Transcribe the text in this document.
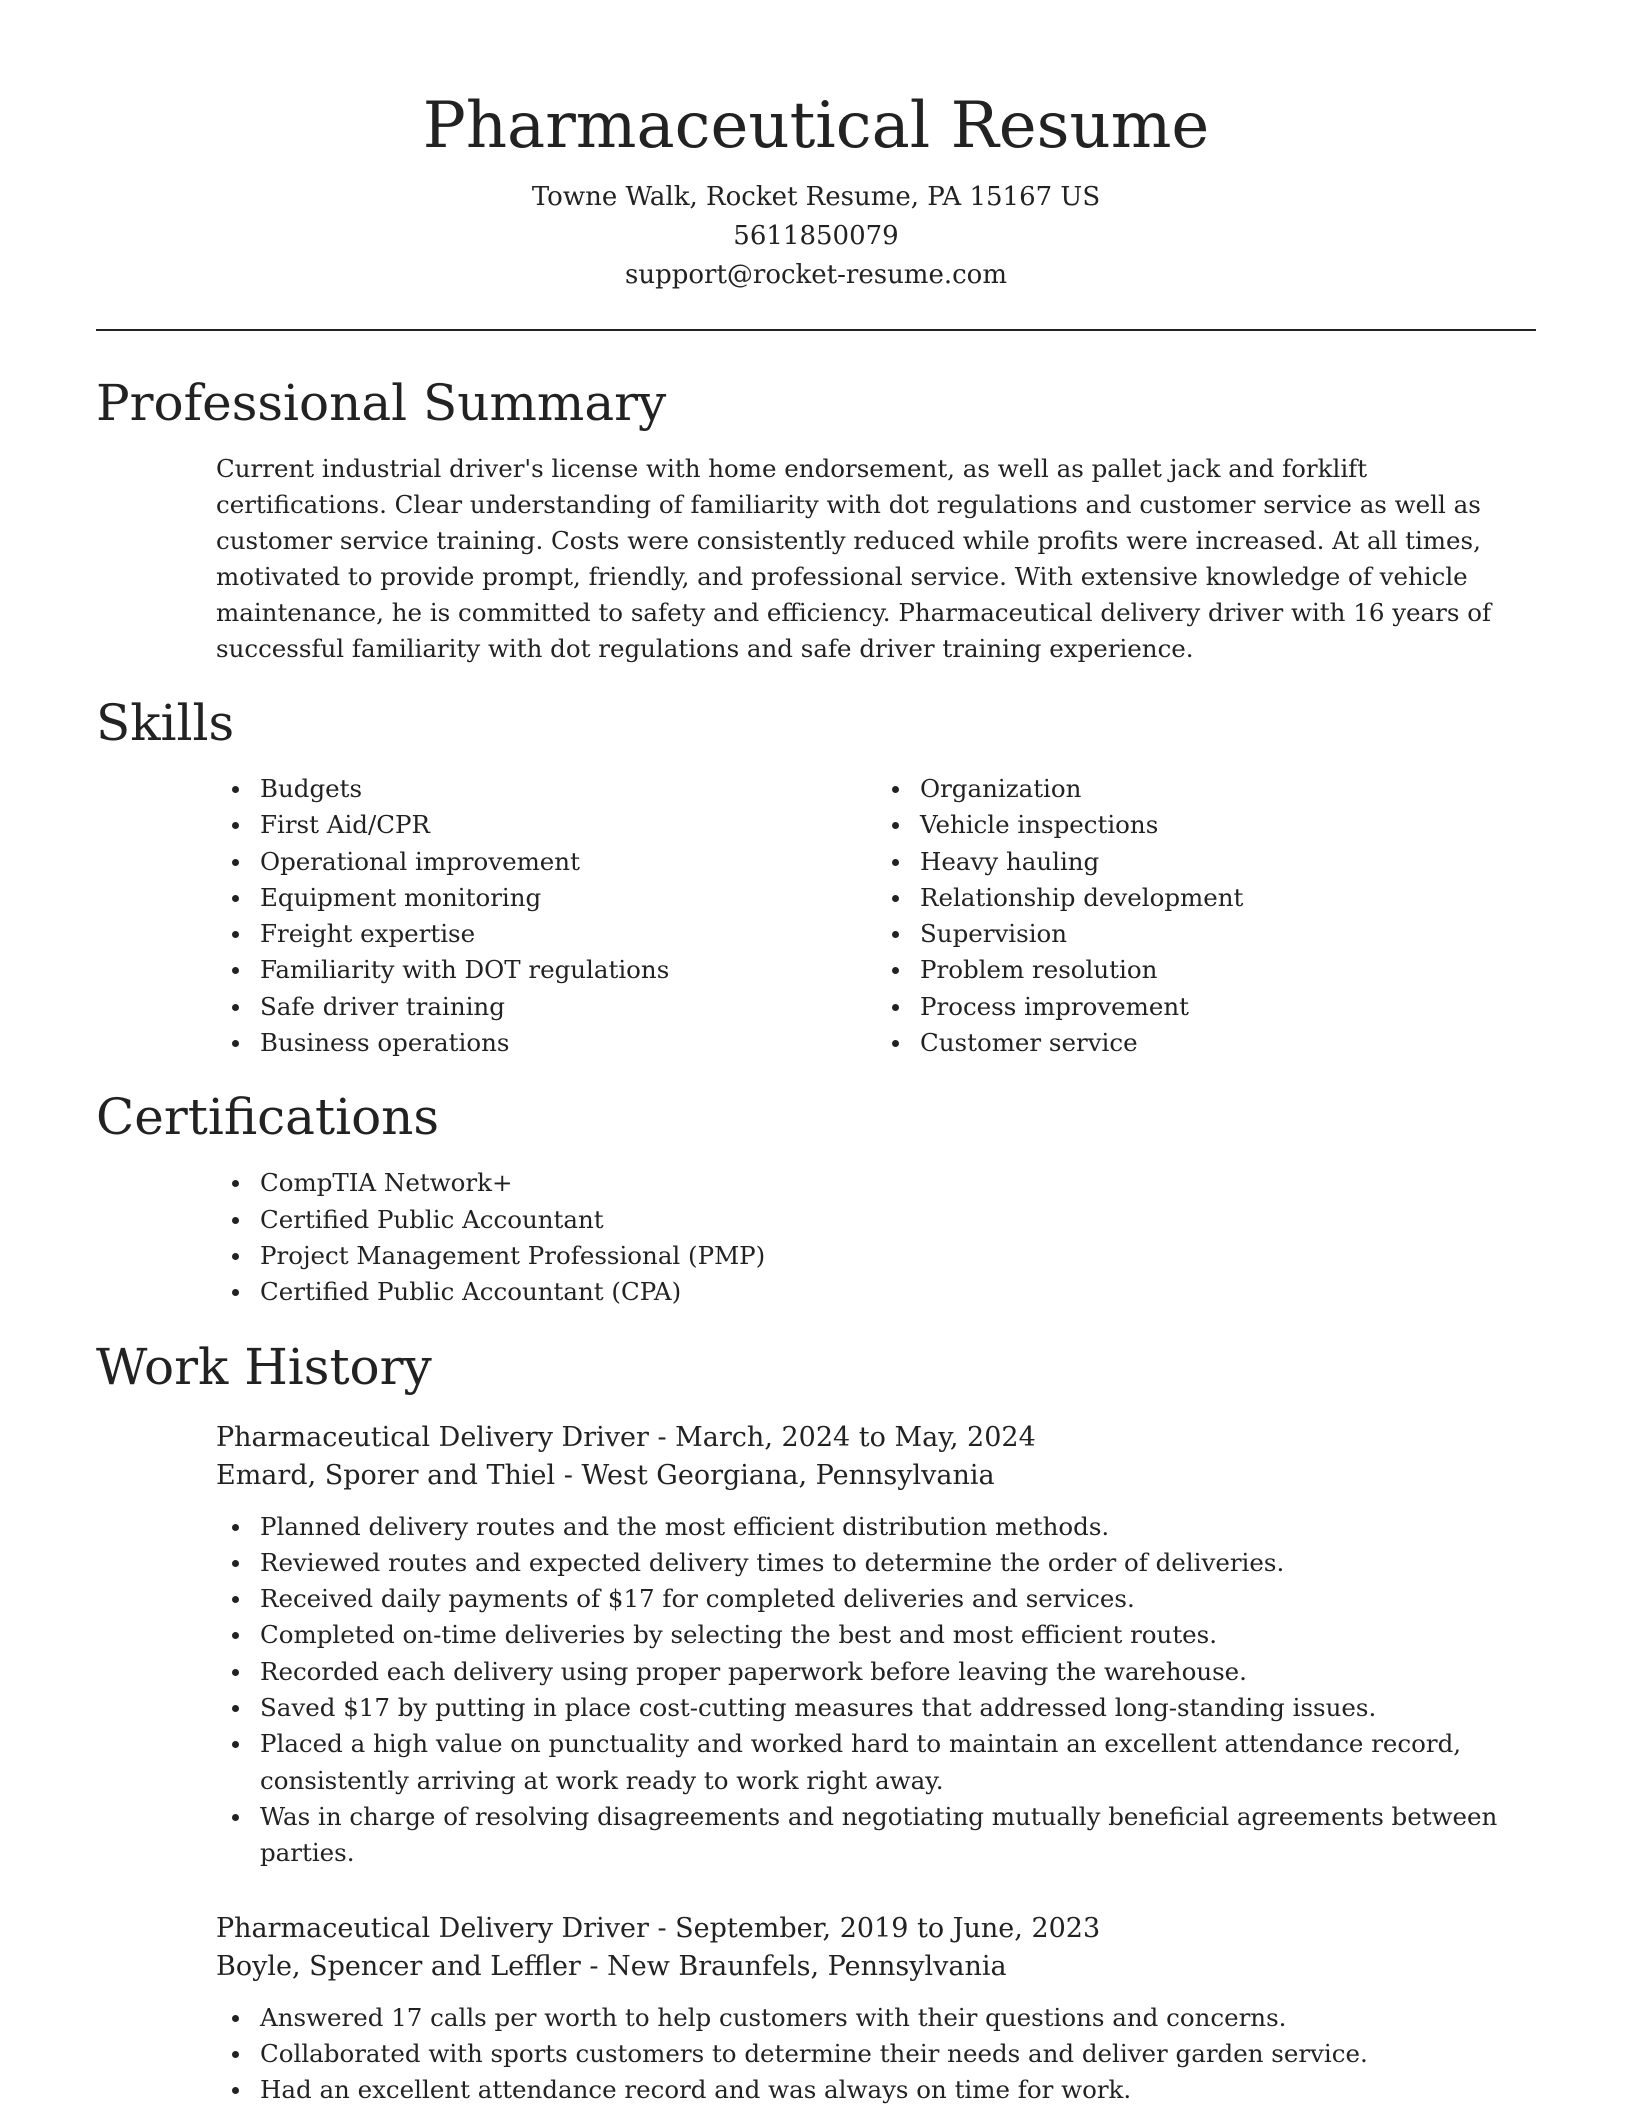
Pharmaceutical Resume

Towne Walk, Rocket Resume, PA 15167 US

5611850079

support@rocket-resume.com

Professional Summary

Current industrial driver's license with home endorsement, as well as pallet jack and forklift certifications. Clear understanding of familiarity with dot regulations and customer service as well as customer service training. Costs were consistently reduced while profits were increased. At all times, motivated to provide prompt, friendly, and professional service. With extensive knowledge of vehicle maintenance, he is committed to safety and efficiency. Pharmaceutical delivery driver with 16 years of successful familiarity with dot regulations and safe driver training experience.

Skills
Budgets
First Aid/CPR
Operational improvement
Equipment monitoring
Freight expertise
Familiarity with DOT regulations
Safe driver training
Business operations
Organization
Vehicle inspections
Heavy hauling
Relationship development
Supervision
Problem resolution
Process improvement
Customer service
Certifications
CompTIA Network+
Certified Public Accountant
Project Management Professional (PMP)
Certified Public Accountant (CPA)
Work History

Pharmaceutical Delivery Driver - March, 2024 to May, 2024

Emard, Sporer and Thiel - West Georgiana, Pennsylvania

Planned delivery routes and the most efficient distribution methods.
Reviewed routes and expected delivery times to determine the order of deliveries.
Received daily payments of $17 for completed deliveries and services.
Completed on-time deliveries by selecting the best and most efficient routes.
Recorded each delivery using proper paperwork before leaving the warehouse.
Saved $17 by putting in place cost-cutting measures that addressed long-standing issues.
Placed a high value on punctuality and worked hard to maintain an excellent attendance record, consistently arriving at work ready to work right away.
Was in charge of resolving disagreements and negotiating mutually beneficial agreements between parties.

Pharmaceutical Delivery Driver - September, 2019 to June, 2023

Boyle, Spencer and Leffler - New Braunfels, Pennsylvania

Answered 17 calls per worth to help customers with their questions and concerns.
Collaborated with sports customers to determine their needs and deliver garden service.
Had an excellent attendance record and was always on time for work.
